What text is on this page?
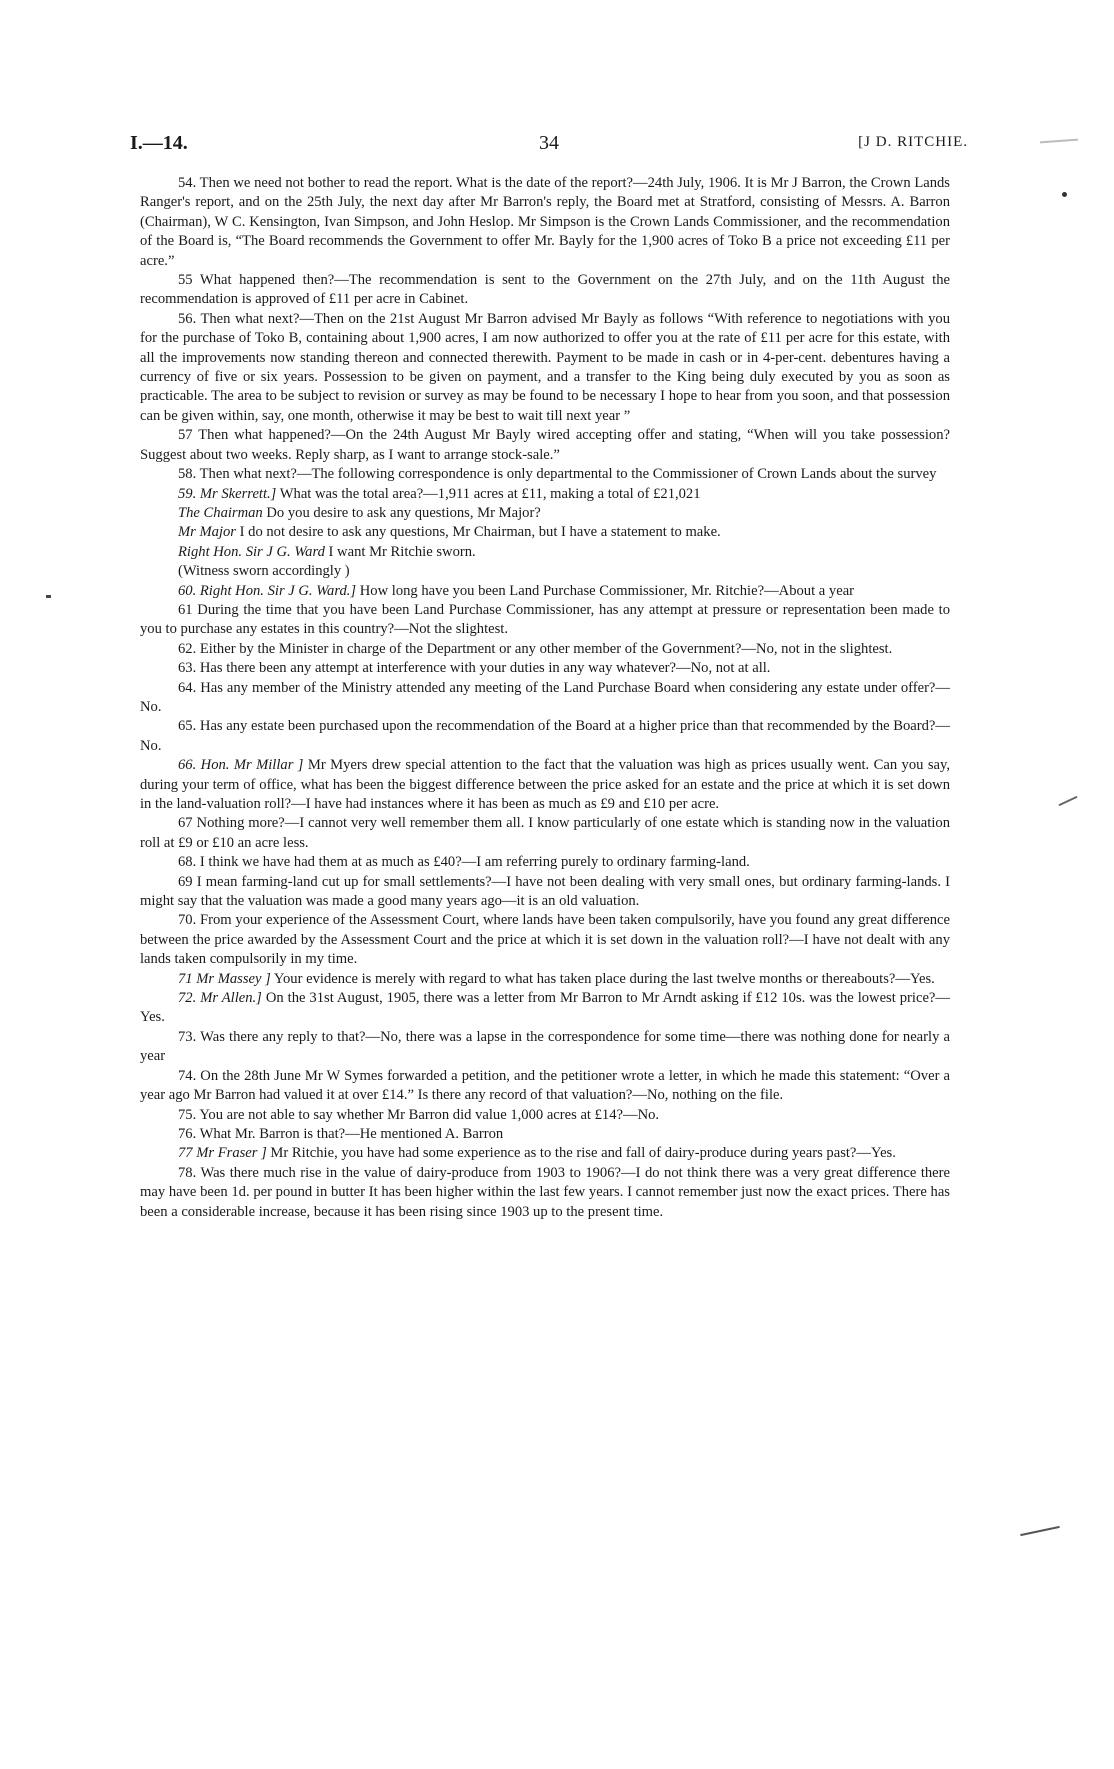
I.—14.	34	[J D. RITCHIE.

54. Then we need not bother to read the report. What is the date of the report?—24th July, 1906. It is Mr J Barron, the Crown Lands Ranger's report, and on the 25th July, the next day after Mr Barron's reply, the Board met at Stratford, consisting of Messrs. A. Barron (Chairman), W C. Kensington, Ivan Simpson, and John Heslop. Mr Simpson is the Crown Lands Commissioner, and the recommendation of the Board is, “The Board recommends the Government to offer Mr. Bayly for the 1,900 acres of Toko B a price not exceeding £11 per acre.”

55 What happened then?—The recommendation is sent to the Government on the 27th July, and on the 11th August the recommendation is approved of £11 per acre in Cabinet.

56. Then what next?—Then on the 21st August Mr Barron advised Mr Bayly as follows “With reference to negotiations with you for the purchase of Toko B, containing about 1,900 acres, I am now authorized to offer you at the rate of £11 per acre for this estate, with all the improvements now standing thereon and connected therewith. Payment to be made in cash or in 4-per-cent. debentures having a currency of five or six years. Possession to be given on payment, and a transfer to the King being duly executed by you as soon as practicable. The area to be subject to revision or survey as may be found to be necessary I hope to hear from you soon, and that possession can be given within, say, one month, otherwise it may be best to wait till next year ”

57 Then what happened?—On the 24th August Mr Bayly wired accepting offer and stating, “When will you take possession? Suggest about two weeks. Reply sharp, as I want to arrange stock-sale.”

58. Then what next?—The following correspondence is only departmental to the Commissioner of Crown Lands about the survey

59. Mr Skerrett.] What was the total area?—1,911 acres at £11, making a total of £21,021

The Chairman Do you desire to ask any questions, Mr Major?

Mr Major I do not desire to ask any questions, Mr Chairman, but I have a statement to make.

Right Hon. Sir J G. Ward I want Mr Ritchie sworn.

(Witness sworn accordingly )

60. Right Hon. Sir J G. Ward.] How long have you been Land Purchase Commissioner, Mr. Ritchie?—About a year

61 During the time that you have been Land Purchase Commissioner, has any attempt at pressure or representation been made to you to purchase any estates in this country?—Not the slightest.

62. Either by the Minister in charge of the Department or any other member of the Government?—No, not in the slightest.

63. Has there been any attempt at interference with your duties in any way whatever?—No, not at all.

64. Has any member of the Ministry attended any meeting of the Land Purchase Board when considering any estate under offer?—No.

65. Has any estate been purchased upon the recommendation of the Board at a higher price than that recommended by the Board?—No.

66. Hon. Mr Millar ] Mr Myers drew special attention to the fact that the valuation was high as prices usually went. Can you say, during your term of office, what has been the biggest difference between the price asked for an estate and the price at which it is set down in the land-valuation roll?—I have had instances where it has been as much as £9 and £10 per acre.

67 Nothing more?—I cannot very well remember them all. I know particularly of one estate which is standing now in the valuation roll at £9 or £10 an acre less.

68. I think we have had them at as much as £40?—I am referring purely to ordinary farming-land.

69 I mean farming-land cut up for small settlements?—I have not been dealing with very small ones, but ordinary farming-lands. I might say that the valuation was made a good many years ago—it is an old valuation.

70. From your experience of the Assessment Court, where lands have been taken compulsorily, have you found any great difference between the price awarded by the Assessment Court and the price at which it is set down in the valuation roll?—I have not dealt with any lands taken compulsorily in my time.

71 Mr Massey ] Your evidence is merely with regard to what has taken place during the last twelve months or thereabouts?—Yes.

72. Mr Allen.] On the 31st August, 1905, there was a letter from Mr Barron to Mr Arndt asking if £12 10s. was the lowest price?—Yes.

73. Was there any reply to that?—No, there was a lapse in the correspondence for some time—there was nothing done for nearly a year

74. On the 28th June Mr W Symes forwarded a petition, and the petitioner wrote a letter, in which he made this statement: “Over a year ago Mr Barron had valued it at over £14.” Is there any record of that valuation?—No, nothing on the file.

75. You are not able to say whether Mr Barron did value 1,000 acres at £14?—No.

76. What Mr. Barron is that?—He mentioned A. Barron

77 Mr Fraser ] Mr Ritchie, you have had some experience as to the rise and fall of dairy-produce during years past?—Yes.

78. Was there much rise in the value of dairy-produce from 1903 to 1906?—I do not think there was a very great difference there may have been 1d. per pound in butter It has been higher within the last few years. I cannot remember just now the exact prices. There has been a considerable increase, because it has been rising since 1903 up to the present time.
